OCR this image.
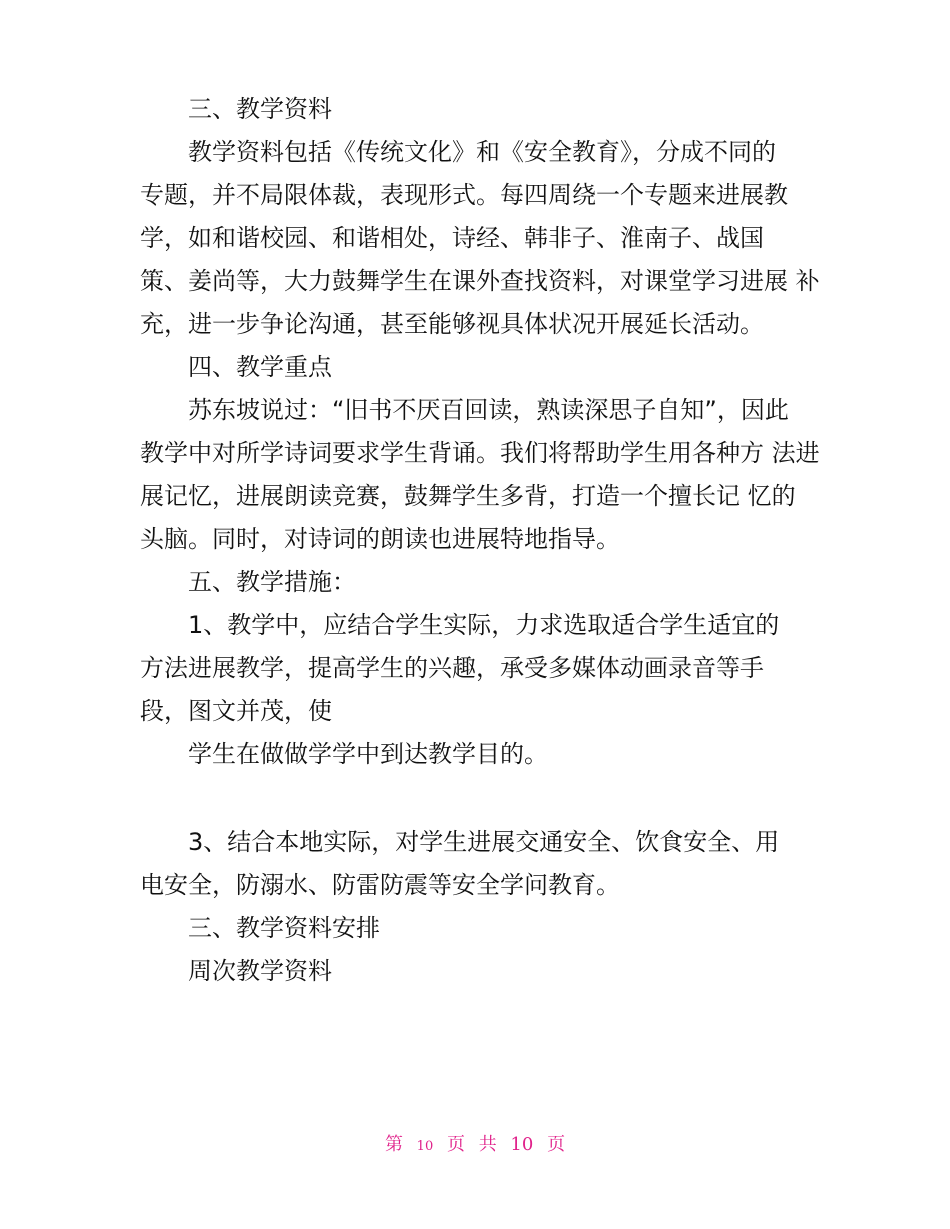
三、教学资料
教学资料包括《传统文化》和《安全教育》，分成不同的
专题，并不局限体裁，表现形式。每四周绕一个专题来进展教
学，如和谐校园、和谐相处，诗经、韩非子、淮南子、战国
策、姜尚等，大力鼓舞学生在课外查找资料，对课堂学习进展 补
充，进一步争论沟通，甚至能够视具体状况开展延长活动。
四、教学重点
苏东坡说过：“旧书不厌百回读，熟读深思子自知”，因此
教学中对所学诗词要求学生背诵。我们将帮助学生用各种方 法进
展记忆，进展朗读竞赛，鼓舞学生多背，打造一个擅长记 忆的
头脑。同时，对诗词的朗读也进展特地指导。
五、教学措施：
1、教学中，应结合学生实际，力求选取适合学生适宜的
方法进展教学，提高学生的兴趣，承受多媒体动画录音等手
段，图文并茂，使
学生在做做学学中到达教学目的。
3、结合本地实际，对学生进展交通安全、饮食安全、用
电安全，防溺水、防雷防震等安全学问教育。
三、教学资料安排
周次教学资料
第 10 页 共 10 页
